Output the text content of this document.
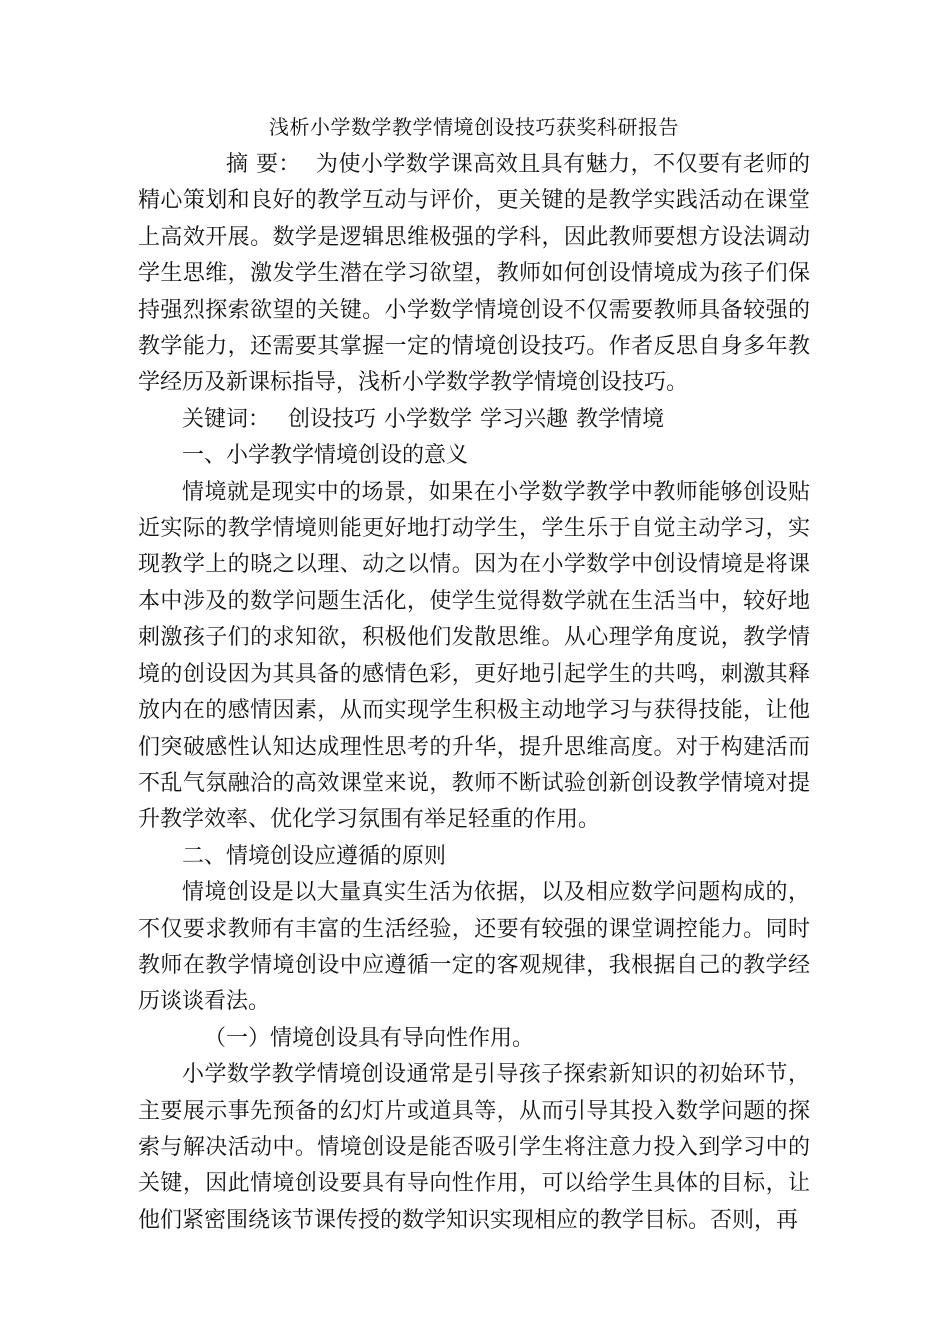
浅析小学数学教学情境创设技巧获奖科研报告

摘 要： 为使小学数学课高效且具有魅力，不仅要有老师的精心策划和良好的教学互动与评价，更关键的是教学实践活动在课堂上高效开展。数学是逻辑思维极强的学科，因此教师要想方设法调动学生思维，激发学生潜在学习欲望，教师如何创设情境成为孩子们保持强烈探索欲望的关键。小学数学情境创设不仅需要教师具备较强的教学能力，还需要其掌握一定的情境创设技巧。作者反思自身多年教学经历及新课标指导，浅析小学数学教学情境创设技巧。

关键词： 创设技巧 小学数学 学习兴趣 教学情境

一、小学教学情境创设的意义

情境就是现实中的场景，如果在小学数学教学中教师能够创设贴近实际的教学情境则能更好地打动学生，学生乐于自觉主动学习，实现教学上的晓之以理、动之以情。因为在小学数学中创设情境是将课本中涉及的数学问题生活化，使学生觉得数学就在生活当中，较好地刺激孩子们的求知欲，积极他们发散思维。从心理学角度说，教学情境的创设因为其具备的感情色彩，更好地引起学生的共鸣，刺激其释放内在的感情因素，从而实现学生积极主动地学习与获得技能，让他们突破感性认知达成理性思考的升华，提升思维高度。对于构建活而不乱气氛融洽的高效课堂来说，教师不断试验创新创设教学情境对提升教学效率、优化学习氛围有举足轻重的作用。

二、情境创设应遵循的原则

情境创设是以大量真实生活为依据，以及相应数学问题构成的，不仅要求教师有丰富的生活经验，还要有较强的课堂调控能力。同时教师在教学情境创设中应遵循一定的客观规律，我根据自己的教学经历谈谈看法。

（一）情境创设具有导向性作用。

小学数学教学情境创设通常是引导孩子探索新知识的初始环节，主要展示事先预备的幻灯片或道具等，从而引导其投入数学问题的探索与解决活动中。情境创设是能否吸引学生将注意力投入到学习中的关键，因此情境创设要具有导向性作用，可以给学生具体的目标，让他们紧密围绕该节课传授的数学知识实现相应的教学目标。否则，再
